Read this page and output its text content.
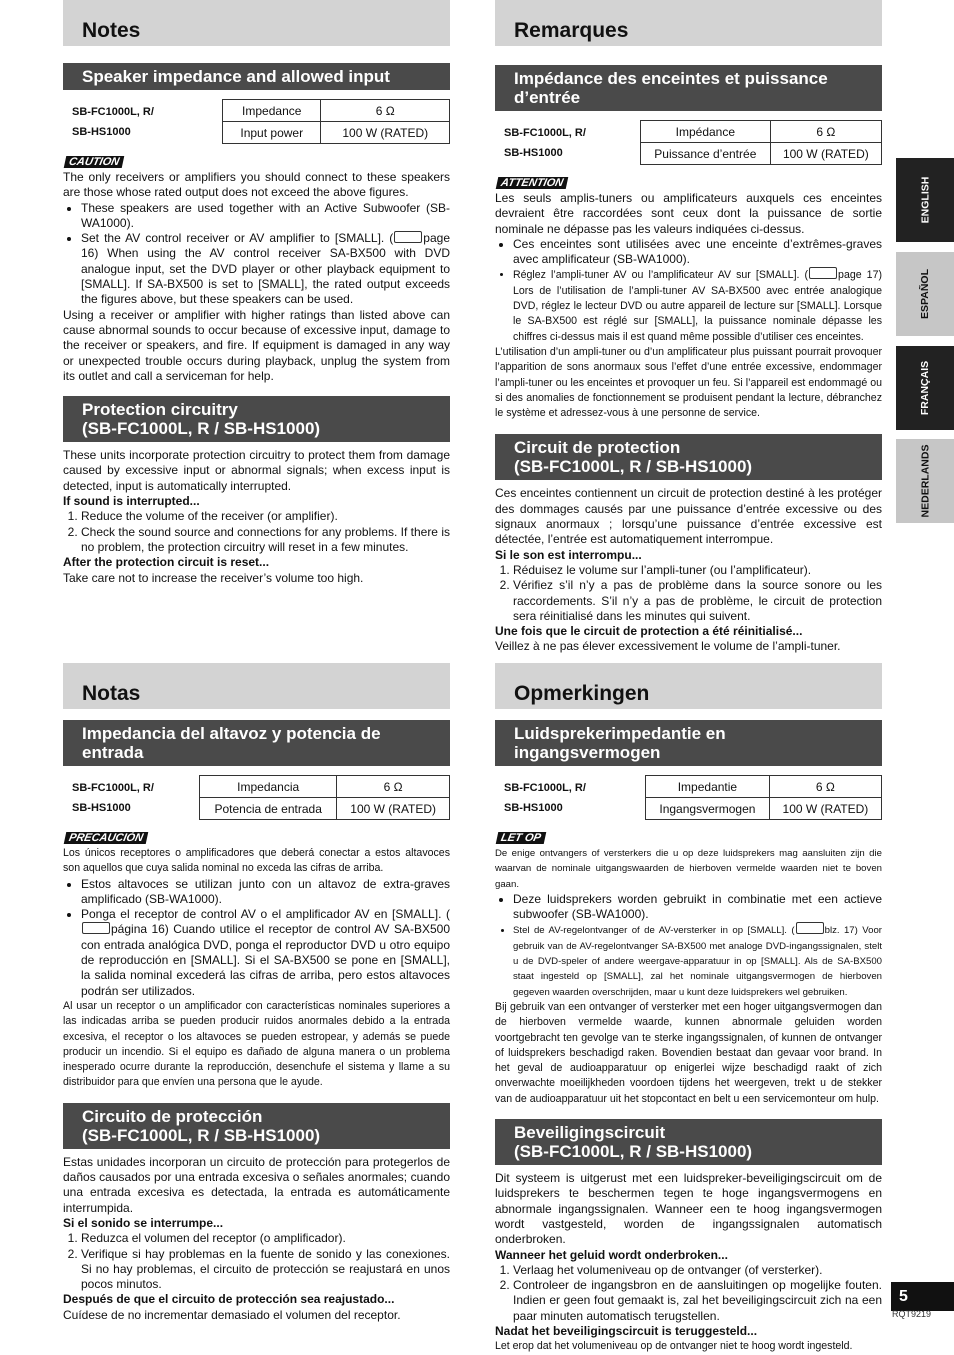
Notes
Speaker impedance and allowed input
SB-FC1000L, R/
SB-HS1000
Impedance	6 Ω
Input power	100 W (RATED)
CAUTION

The only receivers or amplifiers you should connect to these speakers are those whose rated output does not exceed the above figures.

• These speakers are used together with an Active Subwoofer (SB-WA1000).
• Set the AV control receiver or AV amplifier to [SMALL]. (	page 16) When using the AV control receiver SA-BX500 with DVD analogue input, set the DVD player or other playback equipment to [SMALL]. If SA-BX500 is set to [SMALL], the rated output exceeds the figures above, but these speakers can be used.

Using a receiver or amplifier with higher ratings than listed above can cause abnormal sounds to occur because of excessive input, damage to the receiver or speakers, and fire. If equipment is damaged in any way or unexpected trouble occurs during playback, unplug the system from its outlet and call a serviceman for help.

Protection circuitry
(SB-FC1000L, R / SB-HS1000)

These units incorporate protection circuitry to protect them from damage caused by excessive input or abnormal signals; when excess input is detected, input is automatically interrupted.

If sound is interrupted...

1. Reduce the volume of the receiver (or amplifier).
2. Check the sound source and connections for any problems. If there is no problem, the protection circuitry will reset in a few minutes.

After the protection circuit is reset...

Take care not to increase the receiver’s volume too high.

Remarques
Impédance des enceintes et puissance d’entrée
SB-FC1000L, R/
SB-HS1000
Impédance	6 Ω
Puissance d’entrée	100 W (RATED)
ATTENTION

Les seuls amplis-tuners ou amplificateurs auxquels ces enceintes devraient être raccordées sont ceux dont la puissance de sortie nominale ne dépasse pas les valeurs indiquées ci-dessus.

• Ces enceintes sont utilisées avec une enceinte d’extrêmes-graves avec amplificateur (SB-WA1000).
• Réglez l’ampli-tuner AV ou l’amplificateur AV sur [SMALL]. (	page 17) Lors de l’utilisation de l’ampli-tuner AV SA-BX500 avec entrée analogique DVD, réglez le lecteur DVD ou autre appareil de lecture sur [SMALL]. Lorsque le SA-BX500 est réglé sur [SMALL], la puissance nominale dépasse les chiffres ci-dessus mais il est quand même possible d’utiliser ces enceintes.

L’utilisation d’un ampli-tuner ou d’un amplificateur plus puissant pourrait provoquer l’apparition de sons anormaux sous l’effet d’une entrée excessive, endommager l’ampli-tuner ou les enceintes et provoquer un feu. Si l’appareil est endommagé ou si des anomalies de fonctionnement se produisent pendant la lecture, débranchez le système et adressez-vous à une personne de service.

Circuit de protection
(SB-FC1000L, R / SB-HS1000)

Ces enceintes contiennent un circuit de protection destiné à les protéger des dommages causés par une puissance d’entrée excessive ou des signaux anormaux ; lorsqu’une puissance d’entrée excessive est détectée, l’entrée est automatiquement interrompue.

Si le son est interrompu...

1. Réduisez le volume sur l’ampli-tuner (ou l’amplificateur).
2. Vérifiez s’il n’y a pas de problème dans la source sonore ou les raccordements. S’il n’y a pas de problème, le circuit de protection sera réinitialisé dans les minutes qui suivent.

Une fois que le circuit de protection a été réinitialisé...

Veillez à ne pas élever excessivement le volume de l’ampli-tuner.

Notas
Impedancia del altavoz y potencia de entrada
SB-FC1000L, R/
SB-HS1000
Impedancia	6 Ω
Potencia de entrada	100 W (RATED)
PRECAUCIÓN

Los únicos receptores o amplificadores que deberá conectar a estos altavoces son aquellos que cuya salida nominal no exceda las cifras de arriba.

• Estos altavoces se utilizan junto con un altavoz de extra-graves amplificado (SB-WA1000).
• Ponga el receptor de control AV o el amplificador AV en [SMALL]. (página 16) Cuando utilice el receptor de control AV SA-BX500 con entrada analógica DVD, ponga el reproductor DVD u otro equipo de reproducción en [SMALL]. Si el SA-BX500 se pone en [SMALL], la salida nominal excederá las cifras de arriba, pero estos altavoces podrán ser utilizados.

Al usar un receptor o un amplificador con características nominales superiores a las indicadas arriba se pueden producir ruidos anormales debido a la entrada excesiva, el receptor o los altavoces se pueden estropear, y además se puede producir un incendio. Si el equipo es dañado de alguna manera o un problema inesperado ocurre durante la reproducción, desenchufe el sistema y llame a su distribuidor para que envíen una persona que le ayude.

Circuito de protección
(SB-FC1000L, R / SB-HS1000)

Estas unidades incorporan un circuito de protección para protegerlos de daños causados por una entrada excesiva o señales anormales; cuando una entrada excesiva es detectada, la entrada es automáticamente interrumpida.

Si el sonido se interrumpe...

1. Reduzca el volumen del receptor (o amplificador).
2. Verifique si hay problemas en la fuente de sonido y las conexiones. Si no hay problemas, el circuito de protección se reajustará en unos pocos minutos.

Después de que el circuito de protección sea reajustado...

Cuídese de no incrementar demasiado el volumen del receptor.

Opmerkingen
Luidsprekerimpedantie en ingangsvermogen
SB-FC1000L, R/
SB-HS1000
Impedantie	6 Ω
Ingangsvermogen	100 W (RATED)
LET OP

De enige ontvangers of versterkers die u op deze luidsprekers mag aansluiten zijn die waarvan de nominale uitgangswaarden de hierboven vermelde waarden niet te boven gaan.

• Deze luidsprekers worden gebruikt in combinatie met een actieve subwoofer (SB-WA1000).
• Stel de AV-regelontvanger of de AV-versterker in op [SMALL]. (	blz. 17) Voor gebruik van de AV-regelontvanger SA-BX500 met analoge DVD-ingangssignalen, stelt u de DVD-speler of andere weergave-apparatuur in op [SMALL]. Als de SA-BX500 staat ingesteld op [SMALL], zal het nominale uitgangsvermogen de hierboven gegeven waarden overschrijden, maar u kunt deze luidsprekers wel gebruiken.

Bij gebruik van een ontvanger of versterker met een hoger uitgangsvermogen dan de hierboven vermelde waarde, kunnen abnormale geluiden worden voortgebracht ten gevolge van te sterke ingangssignalen, of kunnen de ontvanger of luidsprekers beschadigd raken. Bovendien bestaat dan gevaar voor brand. In het geval de audioapparatuur op enigerlei wijze beschadigd raakt of zich onverwachte moeilijkheden voordoen tijdens het weergeven, trekt u de stekker van de audioapparatuur uit het stopcontact en belt u een servicemonteur om hulp.

Beveiligingscircuit
(SB-FC1000L, R / SB-HS1000)

Dit systeem is uitgerust met een luidspreker-beveiligingscircuit om de luidsprekers te beschermen tegen te hoge ingangsvermogens en abnormale ingangssignalen. Wanneer een te hoog ingangsvermogen wordt vastgesteld, worden de ingangssignalen automatisch onderbroken.

Wanneer het geluid wordt onderbroken...

1. Verlaag het volumeniveau op de ontvanger (of versterker).
2. Controleer de ingangsbron en de aansluitingen op mogelijke fouten. Indien er geen fout gemaakt is, zal het beveiligingscircuit zich na een paar minuten automatisch terugstellen.

Nadat het beveiligingscircuit is teruggesteld...

Let erop dat het volumeniveau op de ontvanger niet te hoog wordt ingesteld.

ENGLISH
ESPAÑOL
FRANÇAIS
NEDERLANDS
5
RQT9219
